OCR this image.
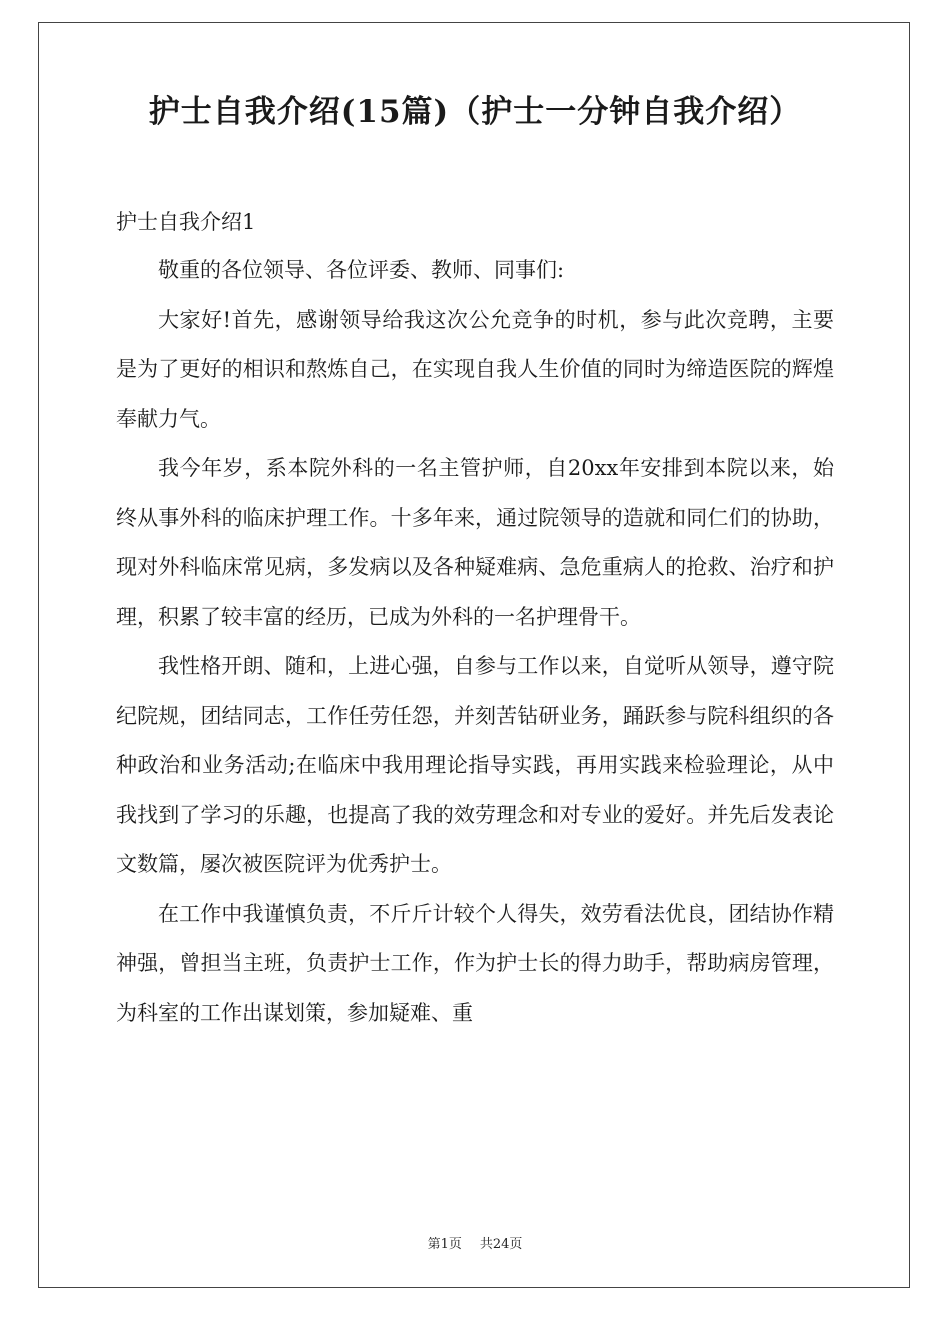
护士自我介绍(15篇)（护士一分钟自我介绍）
护士自我介绍1

敬重的各位领导、各位评委、教师、同事们:

大家好!首先，感谢领导给我这次公允竞争的时机，参与此次竞聘，主要是为了更好的相识和熬炼自己，在实现自我人生价值的同时为缔造医院的辉煌奉献力气。

我今年岁，系本院外科的一名主管护师，自20xx年安排到本院以来，始终从事外科的临床护理工作。十多年来，通过院领导的造就和同仁们的协助，现对外科临床常见病，多发病以及各种疑难病、急危重病人的抢救、治疗和护理，积累了较丰富的经历，已成为外科的一名护理骨干。

我性格开朗、随和，上进心强，自参与工作以来，自觉听从领导，遵守院纪院规，团结同志，工作任劳任怨，并刻苦钻研业务，踊跃参与院科组织的各种政治和业务活动;在临床中我用理论指导实践，再用实践来检验理论，从中我找到了学习的乐趣，也提高了我的效劳理念和对专业的爱好。并先后发表论文数篇，屡次被医院评为优秀护士。

在工作中我谨慎负责，不斤斤计较个人得失，效劳看法优良，团结协作精神强，曾担当主班，负责护士工作，作为护士长的得力助手，帮助病房管理，为科室的工作出谋划策，参加疑难、重

第1页 共24页
